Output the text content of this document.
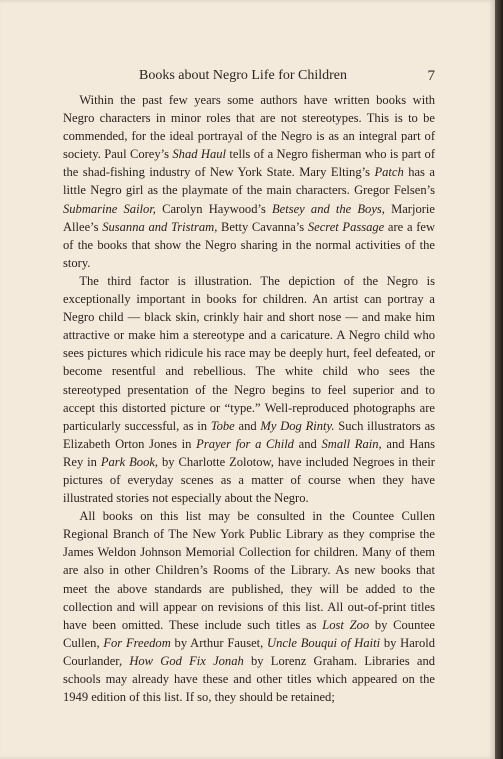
Books about Negro Life for Children	7

Within the past few years some authors have written books with Negro characters in minor roles that are not stereotypes. This is to be commended, for the ideal portrayal of the Negro is as an integral part of society. Paul Corey’s Shad Haul tells of a Negro fisherman who is part of the shad-fishing industry of New York State. Mary Elting’s Patch has a little Negro girl as the playmate of the main characters. Gregor Felsen’s Submarine Sailor, Carolyn Haywood’s Betsey and the Boys, Marjorie Allee’s Susanna and Tristram, Betty Cavanna’s Secret Passage are a few of the books that show the Negro sharing in the normal activities of the story.

The third factor is illustration. The depiction of the Negro is exceptionally important in books for children. An artist can portray a Negro child — black skin, crinkly hair and short nose — and make him attractive or make him a stereotype and a caricature. A Negro child who sees pictures which ridicule his race may be deeply hurt, feel defeated, or become resentful and rebellious. The white child who sees the stereotyped presentation of the Negro begins to feel superior and to accept this distorted picture or “type.” Well-reproduced photographs are particularly successful, as in Tobe and My Dog Rinty. Such illustrators as Elizabeth Orton Jones in Prayer for a Child and Small Rain, and Hans Rey in Park Book, by Charlotte Zolotow, have included Negroes in their pictures of everyday scenes as a matter of course when they have illustrated stories not especially about the Negro.

All books on this list may be consulted in the Countee Cullen Regional Branch of The New York Public Library as they comprise the James Weldon Johnson Memorial Collection for children. Many of them are also in other Children’s Rooms of the Library. As new books that meet the above standards are published, they will be added to the collection and will appear on revisions of this list. All out-of-print titles have been omitted. These include such titles as Lost Zoo by Countee Cullen, For Freedom by Arthur Fauset, Uncle Bouqui of Haiti by Harold Courlander, How God Fix Jonah by Lorenz Graham. Libraries and schools may already have these and other titles which appeared on the 1949 edition of this list. If so, they should be retained;
